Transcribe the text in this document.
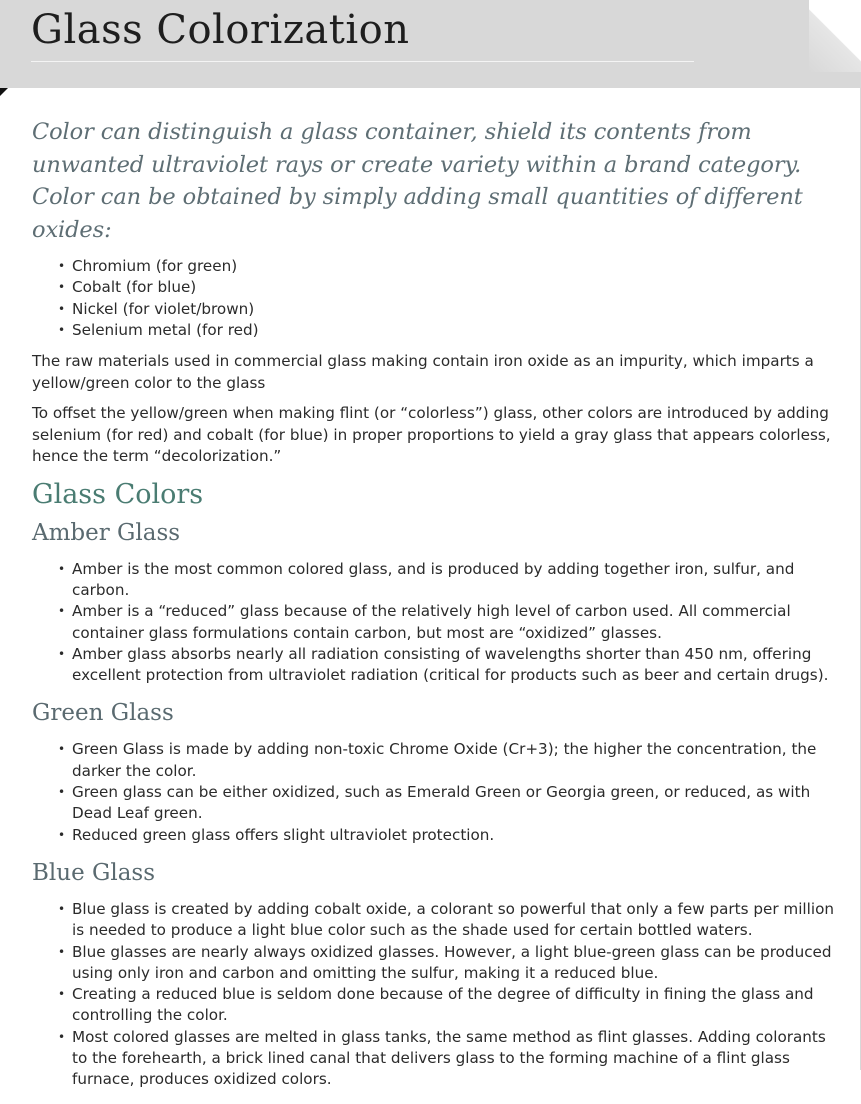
Glass Colorization

Color can distinguish a glass container, shield its contents from unwanted ultraviolet rays or create variety within a brand category. Color can be obtained by simply adding small quantities of different oxides:

• Chromium (for green)
• Cobalt (for blue)
• Nickel (for violet/brown)
• Selenium metal (for red)

The raw materials used in commercial glass making contain iron oxide as an impurity, which imparts a yellow/green color to the glass

To offset the yellow/green when making flint (or “colorless”) glass, other colors are introduced by adding selenium (for red) and cobalt (for blue) in proper proportions to yield a gray glass that appears colorless, hence the term “decolorization.”

Glass Colors
Amber Glass
• Amber is the most common colored glass, and is produced by adding together iron, sulfur, and carbon.
• Amber is a “reduced” glass because of the relatively high level of carbon used. All commercial container glass formulations contain carbon, but most are “oxidized” glasses.
• Amber glass absorbs nearly all radiation consisting of wavelengths shorter than 450 nm, offering excellent protection from ultraviolet radiation (critical for products such as beer and certain drugs).
Green Glass
• Green Glass is made by adding non-toxic Chrome Oxide (Cr+3); the higher the concentration, the darker the color.
• Green glass can be either oxidized, such as Emerald Green or Georgia green, or reduced, as with Dead Leaf green.
• Reduced green glass offers slight ultraviolet protection.
Blue Glass
• Blue glass is created by adding cobalt oxide, a colorant so powerful that only a few parts per million is needed to produce a light blue color such as the shade used for certain bottled waters.
• Blue glasses are nearly always oxidized glasses. However, a light blue-green glass can be produced using only iron and carbon and omitting the sulfur, making it a reduced blue.
• Creating a reduced blue is seldom done because of the degree of difficulty in fining the glass and controlling the color.
• Most colored glasses are melted in glass tanks, the same method as flint glasses. Adding colorants to the forehearth, a brick lined canal that delivers glass to the forming machine of a flint glass furnace, produces oxidized colors.
